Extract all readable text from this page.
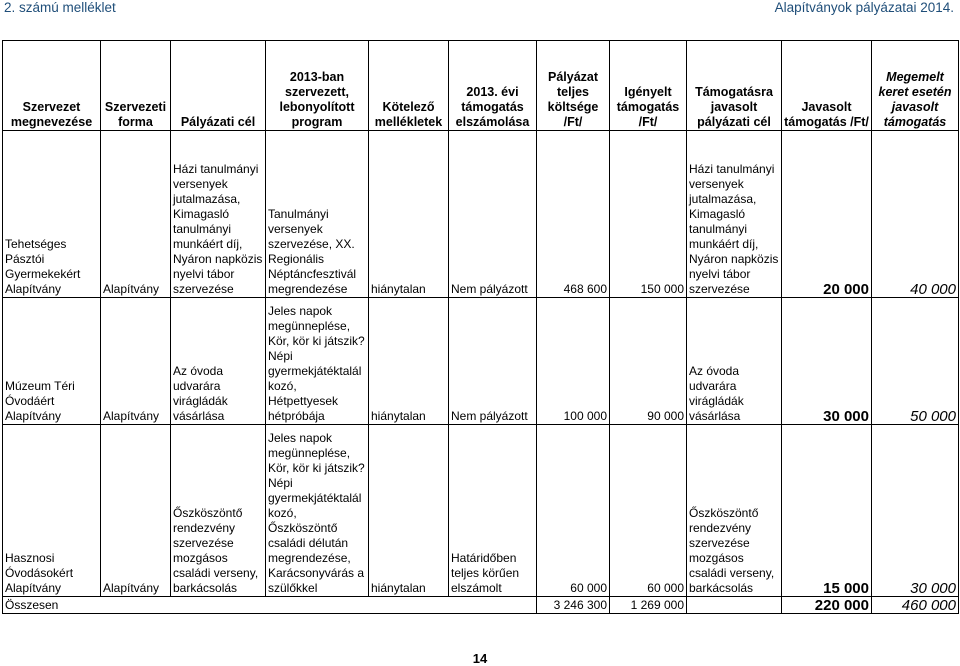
2. számú melléklet	Alapítványok pályázatai 2014.
Szervezet megnevezése	Szervezeti forma	Pályázati cél	2013-ban szervezett, lebonyolított program	Kötelező mellékletek	2013. évi támogatás elszámolása	Pályázat teljes költsége /Ft/	Igényelt támogatás /Ft/	Támogatásra javasolt pályázati cél	Javasolt támogatás /Ft/	Megemelt keret esetén javasolt támogatás
Tehetséges Pásztói Gyermekekért Alapítvány	Alapítvány	Házi tanulmányi versenyek jutalmazása, Kimagasló tanulmányi munkáért díj, Nyáron napközis nyelvi tábor szervezése	Tanulmányi versenyek szervezése, XX. Regionális Néptáncfesztivál megrendezése	hiánytalan	Nem pályázott	468 600	150 000	Házi tanulmányi versenyek jutalmazása, Kimagasló tanulmányi munkáért díj, Nyáron napközis nyelvi tábor szervezése	20 000	40 000
Múzeum Téri Óvodáért Alapítvány	Alapítvány	Az óvoda udvarára virágládák vásárlása	Jeles napok megünneplése, Kör, kör ki játszik? Népi gyermekjátéktalálkozó, Hétpettyesek hétpróbája	hiánytalan	Nem pályázott	100 000	90 000	Az óvoda udvarára virágládák vásárlása	30 000	50 000
Hasznosi Óvodásokért Alapítvány	Alapítvány	Őszköszöntő rendezvény szervezése mozgásos családi verseny, barkácsolás	Jeles napok megünneplése, Kör, kör ki játszik? Népi gyermekjátéktalálkozó, Őszköszöntő családi délután megrendezése, Karácsonyvárás a szülőkkel	hiánytalan	Határidőben teljes körűen elszámolt	60 000	60 000	Őszköszöntő rendezvény szervezése mozgásos családi verseny, barkácsolás	15 000	30 000
Összesen						3 246 300	1 269 000		220 000	460 000
14
